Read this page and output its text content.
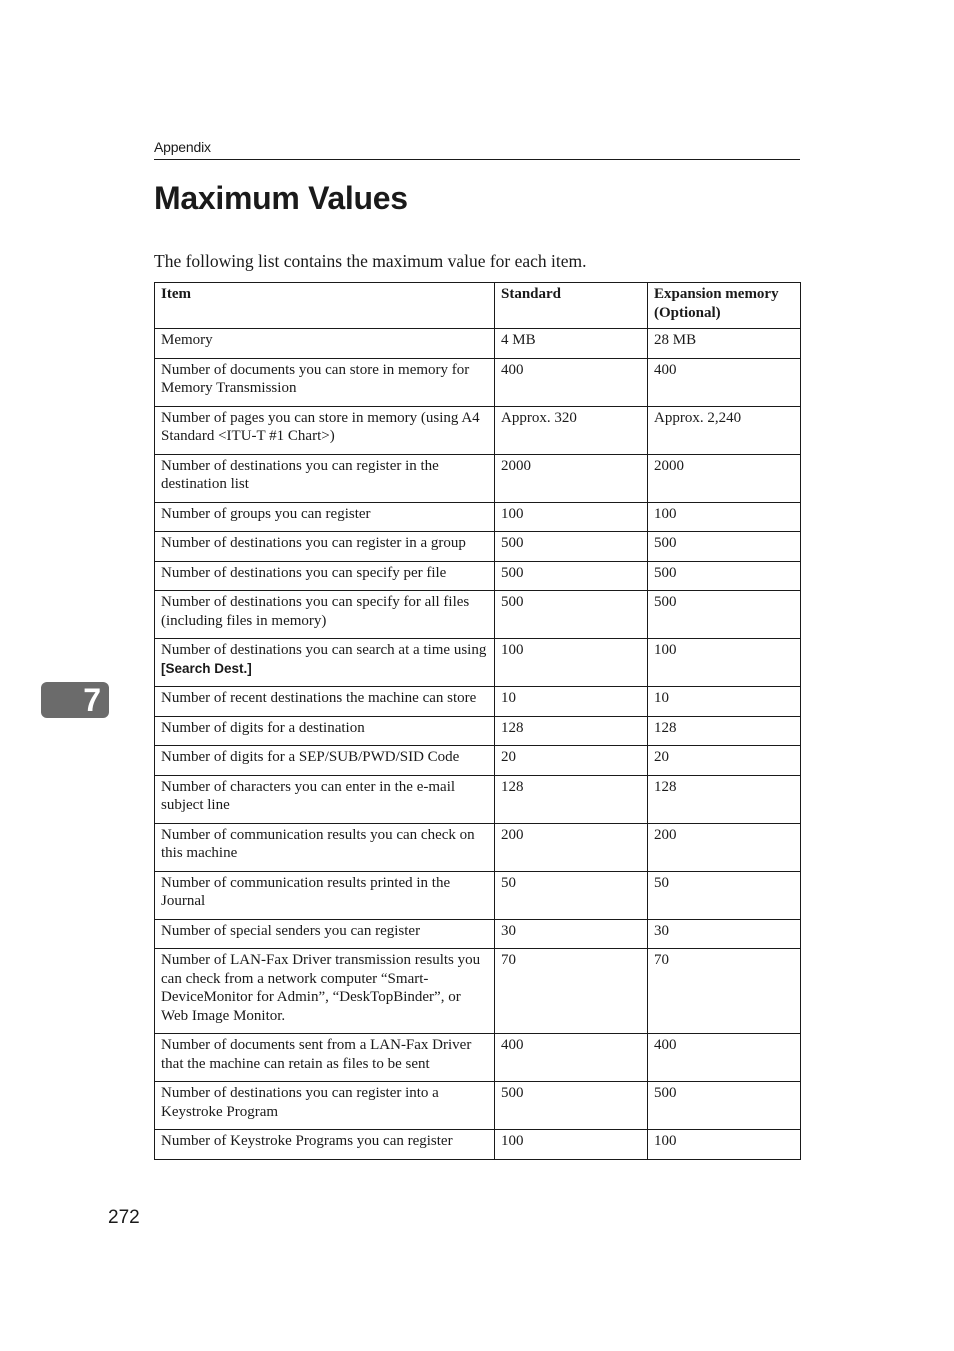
Appendix
Maximum Values

The following list contains the maximum value for each item.

7
Item	Standard	Expansion memory (Optional)
Memory	4 MB	28 MB
Number of documents you can store in memory for Memory Transmission	400	400
Number of pages you can store in memory (using A4 Standard <ITU-T #1 Chart>)	Approx. 320	Approx. 2,240
Number of destinations you can register in the destination list	2000	2000
Number of groups you can register	100	100
Number of destinations you can register in a group	500	500
Number of destinations you can specify per file	500	500
Number of destinations you can specify for all files (including files in memory)	500	500
Number of destinations you can search at a time using [Search Dest.]	100	100
Number of recent destinations the machine can store	10	10
Number of digits for a destination	128	128
Number of digits for a SEP/SUB/PWD/SID Code	20	20
Number of characters you can enter in the e-mail subject line	128	128
Number of communication results you can check on this machine	200	200
Number of communication results printed in the Journal	50	50
Number of special senders you can register	30	30
Number of LAN-Fax Driver transmission results you can check from a network computer “Smart-DeviceMonitor for Admin”, “DeskTopBinder”, or Web Image Monitor.	70	70
Number of documents sent from a LAN-Fax Driver that the machine can retain as files to be sent	400	400
Number of destinations you can register into a Keystroke Program	500	500
Number of Keystroke Programs you can register	100	100
272
